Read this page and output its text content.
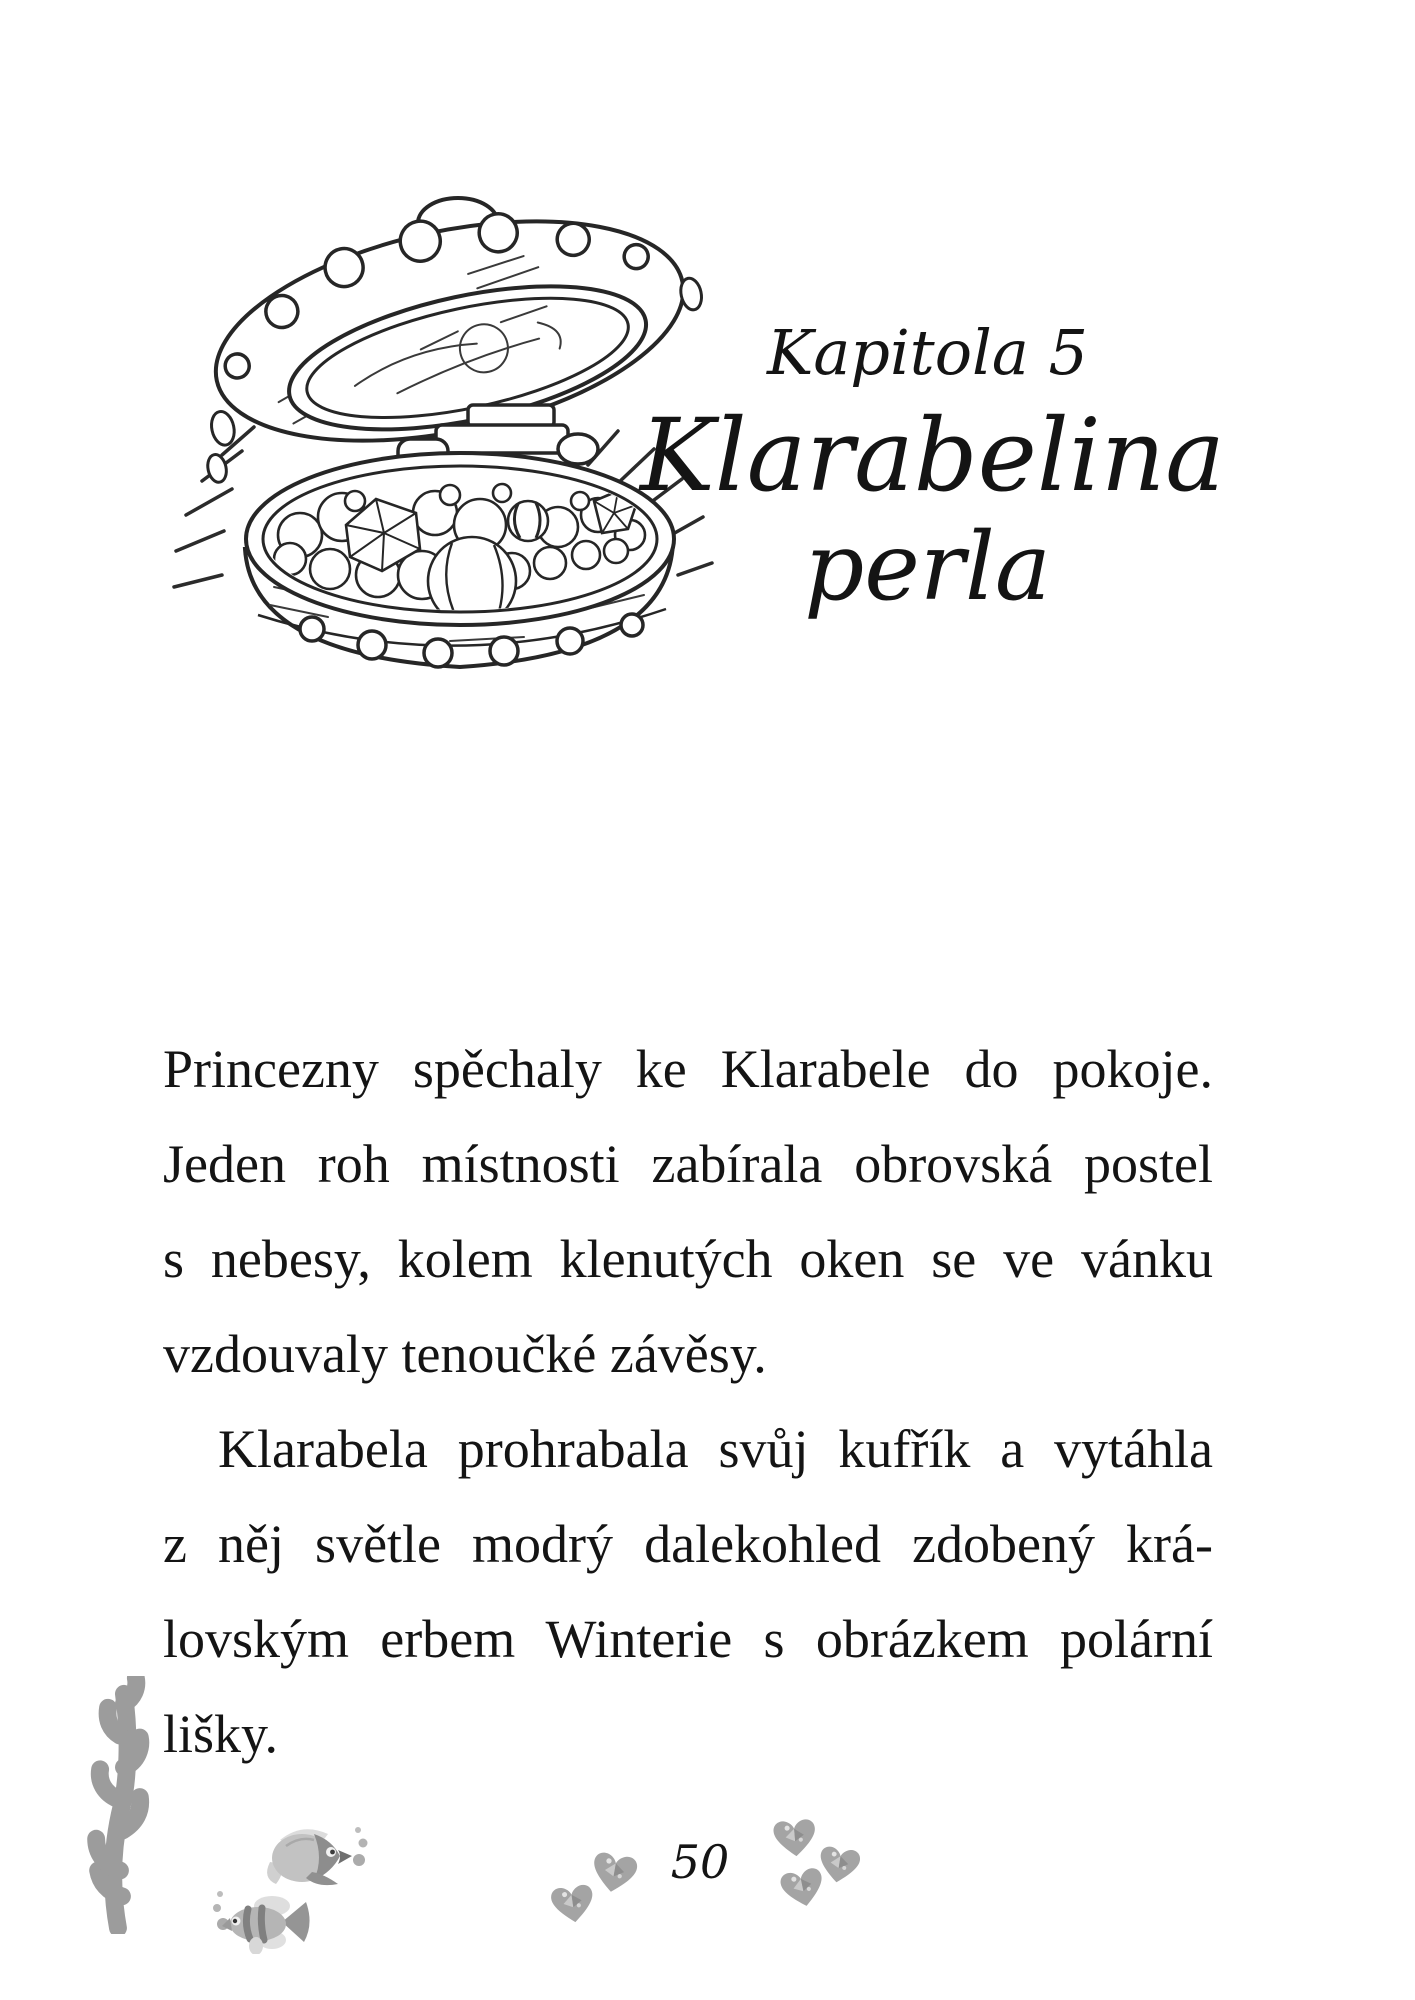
Kapitola 5
Klarabelina
perla
Princezny spěchaly ke Klarabele do pokoje.
Jeden roh místnosti zabírala obrovská postel
s nebesy, kolem klenutých oken se ve vánku
vzdouvaly tenoučké závěsy.
Klarabela prohrabala svůj kufřík a vytáhla
z něj světle modrý dalekohled zdobený krá-
lovským erbem Winterie s obrázkem polární
lišky.
50
